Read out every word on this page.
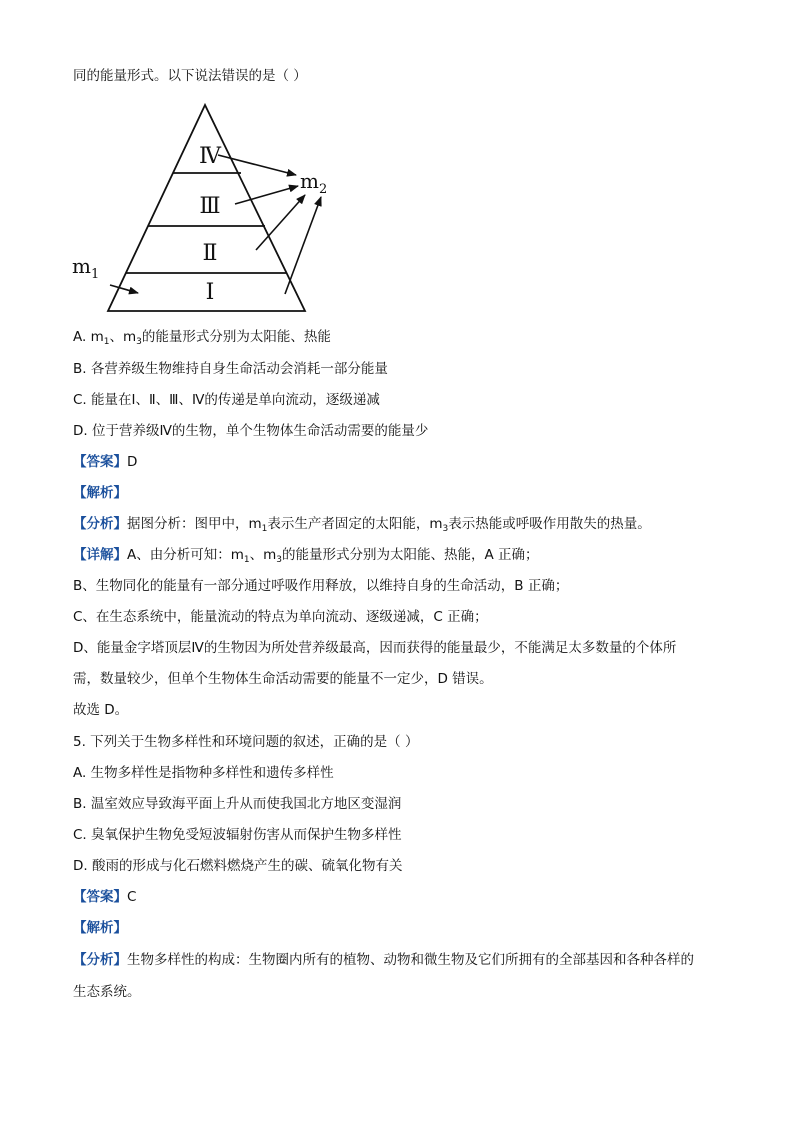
同的能量形式。以下说法错误的是（ ）
Ⅳ
Ⅲ
Ⅱ
Ⅰ
$m_1$
$m_2$
A. $m_1$、$m_3$的能量形式分别为太阳能、热能
B. 各营养级生物维持自身生命活动会消耗一部分能量
C. 能量在Ⅰ、Ⅱ、Ⅲ、Ⅳ的传递是单向流动，逐级递减
D. 位于营养级Ⅳ的生物，单个生物体生命活动需要的能量少
【答案】D
【解析】
【分析】据图分析：图甲中，$m_1$表示生产者固定的太阳能，$m_3$表示热能或呼吸作用散失的热量。
【详解】A、由分析可知：$m_1$、$m_3$的能量形式分别为太阳能、热能，A 正确；
B、生物同化的能量有一部分通过呼吸作用释放，以维持自身的生命活动，B 正确；
C、在生态系统中，能量流动的特点为单向流动、逐级递减，C 正确；
D、能量金字塔顶层Ⅳ的生物因为所处营养级最高，因而获得的能量最少，不能满足太多数量的个体所
需，数量较少，但单个生物体生命活动需要的能量不一定少，D 错误。
故选 D。
5. 下列关于生物多样性和环境问题的叙述，正确的是（ ）
A. 生物多样性是指物种多样性和遗传多样性
B. 温室效应导致海平面上升从而使我国北方地区变湿润
C. 臭氧保护生物免受短波辐射伤害从而保护生物多样性
D. 酸雨的形成与化石燃料燃烧产生的碳、硫氧化物有关
【答案】C
【解析】
【分析】生物多样性的构成：生物圈内所有的植物、动物和微生物及它们所拥有的全部基因和各种各样的
生态系统。
